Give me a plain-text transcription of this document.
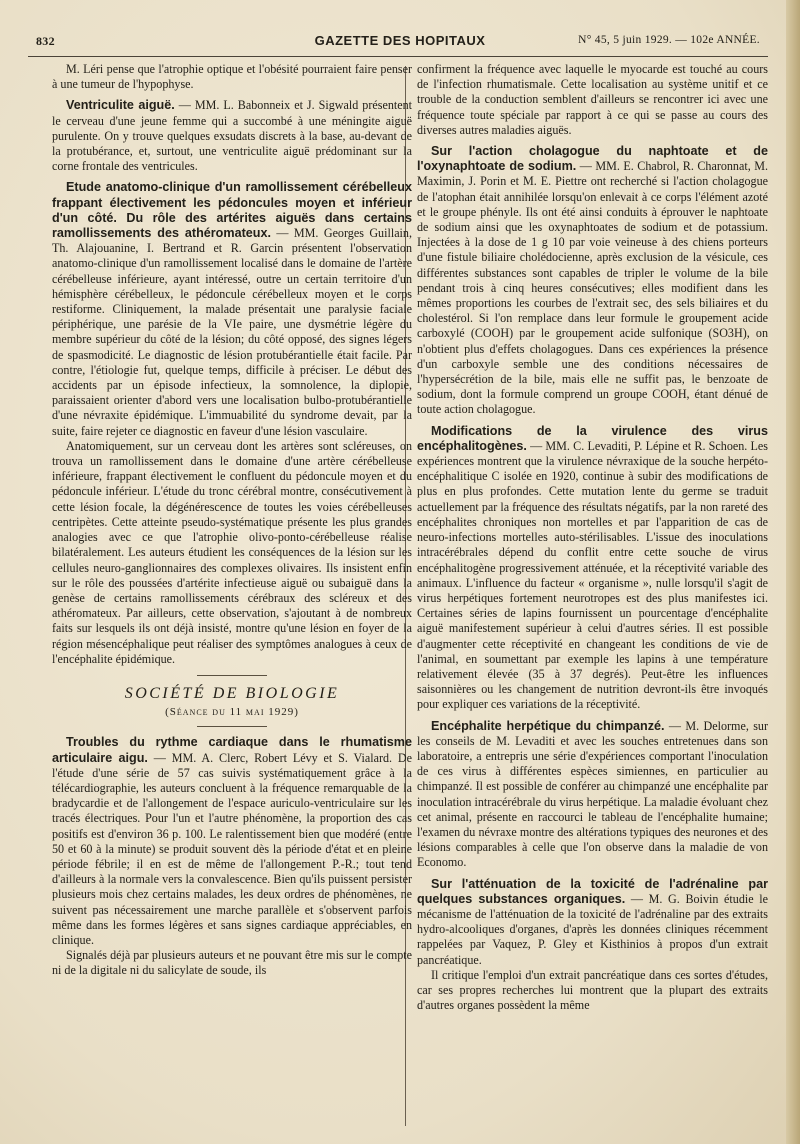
832	GAZETTE DES HOPITAUX	N° 45, 5 juin 1929. — 102e ANNÉE.

M. Léri pense que l'atrophie optique et l'obésité pourraient faire penser à une tumeur de l'hypophyse.

Ventriculite aiguë. — MM. L. Babonneix et J. Sigwald présentent le cerveau d'une jeune femme qui a succombé à une méningite aiguë purulente. On y trouve quelques exsudats discrets à la base, au-devant de la protubérance, et, surtout, une ventriculite aiguë prédominant sur la corne frontale des ventricules.

Etude anatomo-clinique d'un ramollissement cérébelleux frappant électivement les pédoncules moyen et inférieur d'un côté. Du rôle des artérites aiguës dans certains ramollissements des athéromateux. — MM. Georges Guillain, Th. Alajouanine, I. Bertrand et R. Garcin présentent l'observation anatomo-clinique d'un ramollissement localisé dans le domaine de l'artère cérébelleuse inférieure, ayant intéressé, outre un certain territoire d'un hémisphère cérébelleux, le pédoncule cérébelleux moyen et le corps restiforme. Cliniquement, la malade présentait une paralysie faciale périphérique, une parésie de la VIe paire, une dysmétrie légère du membre supérieur du côté de la lésion; du côté opposé, des signes légers de spasmodicité. Le diagnostic de lésion protubérantielle était facile. Par contre, l'étiologie fut, quelque temps, difficile à préciser. Le début des accidents par un épisode infectieux, la somnolence, la diplopie, paraissaient orienter d'abord vers une localisation bulbo-protubérantielle d'une névraxite épidémique. L'immuabilité du syndrome devait, par la suite, faire rejeter ce diagnostic en faveur d'une lésion vasculaire.

Anatomiquement, sur un cerveau dont les artères sont scléreuses, on trouva un ramollissement dans le domaine d'une artère cérébelleuse inférieure, frappant électivement le confluent du pédoncule moyen et du pédoncule inférieur. L'étude du tronc cérébral montre, consécutivement à cette lésion focale, la dégénérescence de toutes les voies cérébelleuses centripètes. Cette atteinte pseudo-systématique présente les plus grandes analogies avec ce que l'atrophie olivo-ponto-cérébelleuse réalise bilatéralement. Les auteurs étudient les conséquences de la lésion sur les cellules neuro-ganglionnaires des complexes olivaires. Ils insistent enfin sur le rôle des poussées d'artérite infectieuse aiguë ou subaiguë dans la genèse de certains ramollissements cérébraux des scléreux et des athéromateux. Par ailleurs, cette observation, s'ajoutant à de nombreux faits sur lesquels ils ont déjà insisté, montre qu'une lésion en foyer de la région mésencéphalique peut réaliser des symptômes analogues à ceux de l'encéphalite épidémique.

SOCIÉTÉ DE BIOLOGIE
(Séance du 11 mai 1929)

Troubles du rythme cardiaque dans le rhumatisme articulaire aigu. — MM. A. Clerc, Robert Lévy et S. Vialard. De l'étude d'une série de 57 cas suivis systématiquement grâce à la télécardiographie, les auteurs concluent à la fréquence remarquable de la bradycardie et de l'allongement de l'espace auriculo-ventriculaire sur les tracés électriques. Pour l'un et l'autre phénomène, la proportion des cas positifs est d'environ 36 p. 100. Le ralentissement bien que modéré (entre 50 et 60 à la minute) se produit souvent dès la période d'état et en pleine période fébrile; il en est de même de l'allongement P.-R.; tout tend d'ailleurs à la normale vers la convalescence. Bien qu'ils puissent persister plusieurs mois chez certains malades, les deux ordres de phénomènes, ne suivent pas nécessairement une marche parallèle et s'observent parfois même dans les formes légères et sans signes cardiaque appréciables, en clinique.

Signalés déjà par plusieurs auteurs et ne pouvant être mis sur le compte ni de la digitale ni du salicylate de soude, ils

confirment la fréquence avec laquelle le myocarde est touché au cours de l'infection rhumatismale. Cette localisation au système unitif et ce trouble de la conduction semblent d'ailleurs se rencontrer ici avec une fréquence toute spéciale par rapport à ce qui se passe au cours des diverses autres maladies aiguës.

Sur l'action cholagogue du naphtoate et de l'oxynaphtoate de sodium. — MM. E. Chabrol, R. Charonnat, M. Maximin, J. Porin et M. E. Piettre ont recherché si l'action cholagogue de l'atophan était annihilée lorsqu'on enlevait à ce corps l'élément azoté et le groupe phényle. Ils ont été ainsi conduits à éprouver le naphtoate de sodium ainsi que les oxynaphtoates de sodium et de potassium. Injectées à la dose de 1 g 10 par voie veineuse à des chiens porteurs d'une fistule biliaire cholédocienne, après exclusion de la vésicule, ces différentes substances sont capables de tripler le volume de la bile pendant trois à cinq heures consécutives; elles modifient dans les mêmes proportions les courbes de l'extrait sec, des sels biliaires et du cholestérol. Si l'on remplace dans leur formule le groupement acide carboxylé (COOH) par le groupement acide sulfonique (SO3H), on n'obtient plus d'effets cholagogues. Dans ces expériences la présence d'un carboxyle semble une des conditions nécessaires de l'hypersécrétion de la bile, mais elle ne suffit pas, le benzoate de sodium, dont la formule comprend un groupe COOH, étant dénué de toute action cholagogue.

Modifications de la virulence des virus encéphalitogènes. — MM. C. Levaditi, P. Lépine et R. Schoen. Les expériences montrent que la virulence névraxique de la souche herpéto-encéphalitique C isolée en 1920, continue à subir des modifications de plus en plus profondes. Cette mutation lente du germe se traduit actuellement par la fréquence des résultats négatifs, par la non rareté des encéphalites chroniques non mortelles et par l'apparition de cas de neuro-infections mortelles auto-stérilisables. L'issue des inoculations intracérébrales dépend du conflit entre cette souche de virus encéphalitogène progressivement atténuée, et la réceptivité variable des animaux. L'influence du facteur « organisme », nulle lorsqu'il s'agit de virus herpétiques fortement neurotropes est des plus manifestes ici. Certaines séries de lapins fournissent un pourcentage d'encéphalite aiguë manifestement supérieur à celui d'autres séries. Il est possible d'augmenter cette réceptivité en changeant les conditions de vie de l'animal, en soumettant par exemple les lapins à une température relativement élevée (35 à 37 degrés). Peut-être les influences saisonnières ou les changement de nutrition devront-ils être invoqués pour expliquer ces variations de la réceptivité.

Encéphalite herpétique du chimpanzé. — M. Delorme, sur les conseils de M. Levaditi et avec les souches entretenues dans son laboratoire, a entrepris une série d'expériences comportant l'inoculation de ces virus à différentes espèces simiennes, en particulier au chimpanzé. Il est possible de conférer au chimpanzé une encéphalite par inoculation intracérébrale du virus herpétique. La maladie évoluant chez cet animal, présente en raccourci le tableau de l'encéphalite humaine; l'examen du névraxe montre des altérations typiques des neurones et des lésions comparables à celle que l'on observe dans la maladie de von Economo.

Sur l'atténuation de la toxicité de l'adrénaline par quelques substances organiques. — M. G. Boivin étudie le mécanisme de l'atténuation de la toxicité de l'adrénaline par des extraits hydro-alcooliques d'organes, d'après les données cliniques récemment rappelées par Vaquez, P. Gley et Kisthinios à propos d'un extrait pancréatique.

Il critique l'emploi d'un extrait pancréatique dans ces sortes d'études, car ses propres recherches lui montrent que la plupart des extraits d'autres organes possèdent la même
